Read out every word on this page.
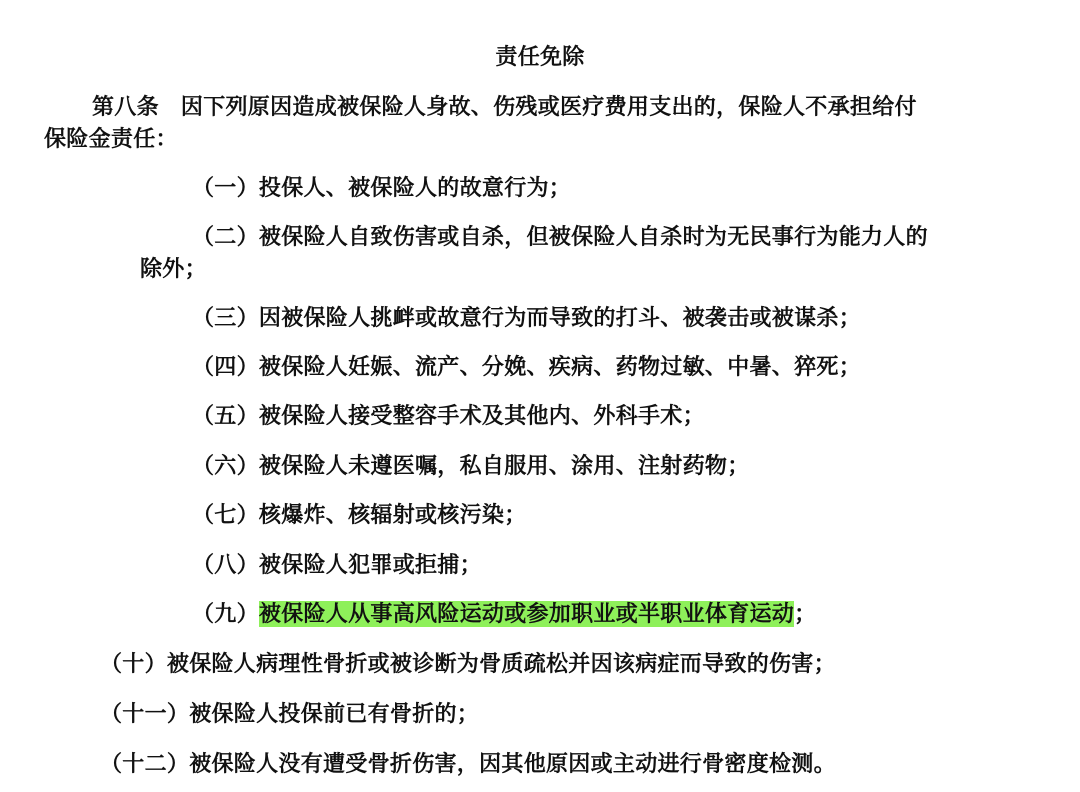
责任免除
第八条 因下列原因造成被保险人身故、伤残或医疗费用支出的，保险人不承担给付
保险金责任：
（一）投保人、被保险人的故意行为；
（二）被保险人自致伤害或自杀，但被保险人自杀时为无民事行为能力人的
除外；
（三）因被保险人挑衅或故意行为而导致的打斗、被袭击或被谋杀；
（四）被保险人妊娠、流产、分娩、疾病、药物过敏、中暑、猝死；
（五）被保险人接受整容手术及其他内、外科手术；
（六）被保险人未遵医嘱，私自服用、涂用、注射药物；
（七）核爆炸、核辐射或核污染；
（八）被保险人犯罪或拒捕；
（九）被保险人从事高风险运动或参加职业或半职业体育运动；
（十）被保险人病理性骨折或被诊断为骨质疏松并因该病症而导致的伤害；
（十一）被保险人投保前已有骨折的；
（十二）被保险人没有遭受骨折伤害，因其他原因或主动进行骨密度检测。
